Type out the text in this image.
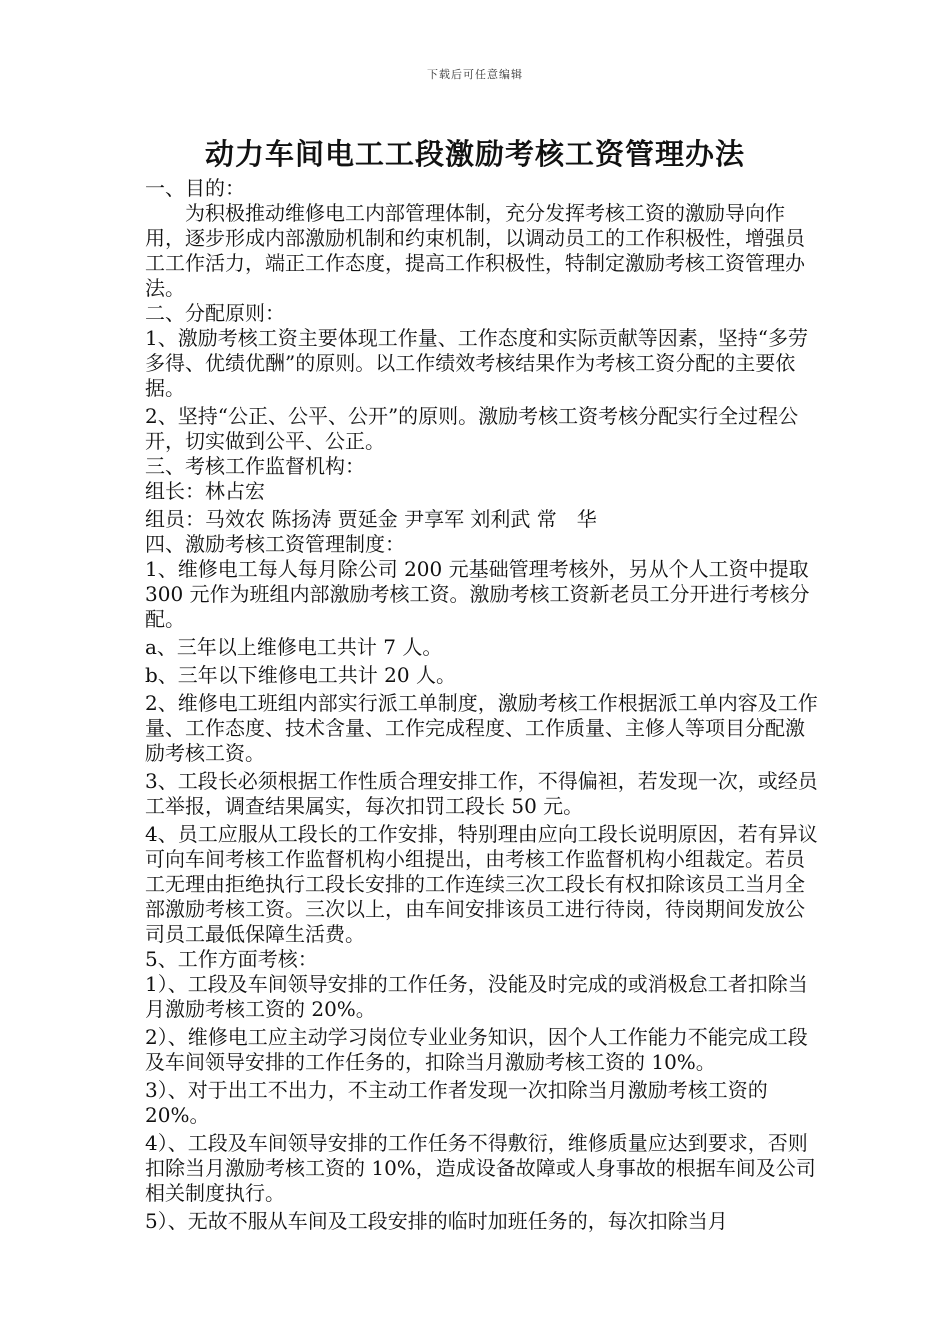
下载后可任意编辑
动力车间电工工段激励考核工资管理办法

一、目的：

为积极推动维修电工内部管理体制，充分发挥考核工资的激励导向作用，逐步形成内部激励机制和约束机制，以调动员工的工作积极性，增强员工工作活力，端正工作态度，提高工作积极性，特制定激励考核工资管理办法。

二、分配原则：

1、激励考核工资主要体现工作量、工作态度和实际贡献等因素，坚持“多劳多得、优绩优酬”的原则。以工作绩效考核结果作为考核工资分配的主要依据。

2、坚持“公正、公平、公开”的原则。激励考核工资考核分配实行全过程公开，切实做到公平、公正。

三、考核工作监督机构：

组长：林占宏

组员：马效农 陈扬涛 贾延金 尹享军 刘利武 常　华

四、激励考核工资管理制度：

1、维修电工每人每月除公司 200 元基础管理考核外，另从个人工资中提取 300 元作为班组内部激励考核工资。激励考核工资新老员工分开进行考核分配。

a、三年以上维修电工共计 7 人。

b、三年以下维修电工共计 20 人。

2、维修电工班组内部实行派工单制度，激励考核工作根据派工单内容及工作量、工作态度、技术含量、工作完成程度、工作质量、主修人等项目分配激励考核工资。

3、工段长必须根据工作性质合理安排工作，不得偏袒，若发现一次，或经员工举报，调查结果属实，每次扣罚工段长 50 元。

4、员工应服从工段长的工作安排，特别理由应向工段长说明原因，若有异议可向车间考核工作监督机构小组提出，由考核工作监督机构小组裁定。若员工无理由拒绝执行工段长安排的工作连续三次工段长有权扣除该员工当月全部激励考核工资。三次以上，由车间安排该员工进行待岗，待岗期间发放公司员工最低保障生活费。

5、工作方面考核：

1）、工段及车间领导安排的工作任务，没能及时完成的或消极怠工者扣除当月激励考核工资的 20%。

2）、维修电工应主动学习岗位专业业务知识，因个人工作能力不能完成工段及车间领导安排的工作任务的，扣除当月激励考核工资的 10%。

3）、对于出工不出力，不主动工作者发现一次扣除当月激励考核工资的 20%。

4）、工段及车间领导安排的工作任务不得敷衍，维修质量应达到要求，否则扣除当月激励考核工资的 10%，造成设备故障或人身事故的根据车间及公司相关制度执行。

5）、无故不服从车间及工段安排的临时加班任务的，每次扣除当月
